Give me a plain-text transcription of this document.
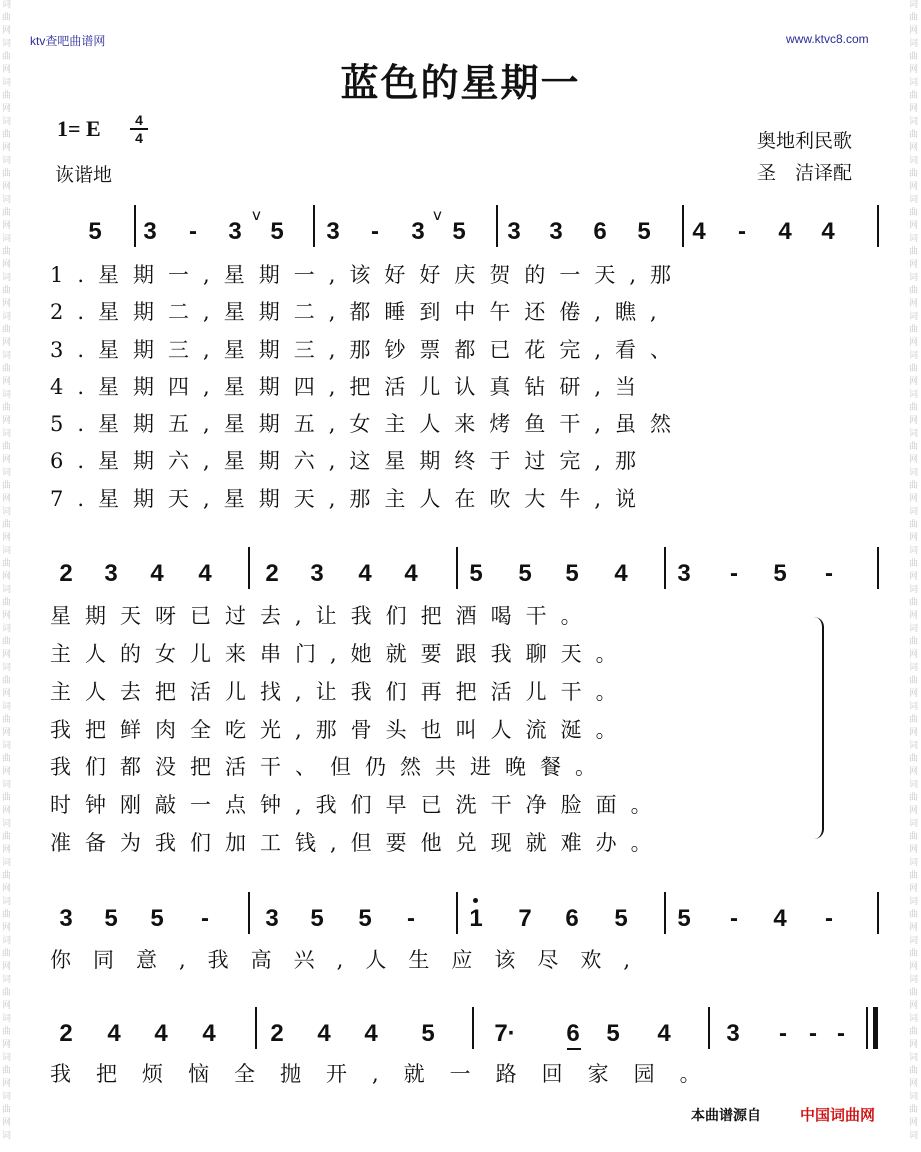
词
曲
网
词
曲
网
词
曲
网
词
曲
网
词
曲
网
词
曲
网
词
曲
网
词
曲
网
词
曲
网
词
曲
网
词
曲
网
词
曲
网
词
曲
网
词
曲
网
词
曲
网
词
曲
网
词
曲
网
词
曲
网
词
曲
网
词
曲
网
词
曲
网
词
曲
网
词
曲
网
词
曲
网
词
曲
网
词
曲
网
词
曲
网
词
曲
网
词
曲
网
词
词
曲
网
词
曲
网
词
曲
网
词
曲
网
词
曲
网
词
曲
网
词
曲
网
词
曲
网
词
曲
网
词
曲
网
词
曲
网
词
曲
网
词
曲
网
词
曲
网
词
曲
网
词
曲
网
词
曲
网
词
曲
网
词
曲
网
词
曲
网
词
曲
网
词
曲
网
词
曲
网
词
曲
网
词
曲
网
词
曲
网
词
曲
网
词
曲
网
词
曲
网
词
ktv查吧曲谱网	www.ktvc8.com
蓝色的星期一
1= E	4
4
诙谐地
奥地利民歌
圣　洁译配
5	3	-	3
v
5	3	-	3
v
5	3	3	6	5	4	-	4	4
1.星期一,星期一,该好好庆贺的一天,那
2.星期二,星期二,都睡到中午还倦,瞧,
3.星期三,星期三,那钞票都已花完,看、
4.星期四,星期四,把活儿认真钻研,当
5.星期五,星期五,女主人来烤鱼干,虽然
6.星期六,星期六,这星期终于过完,那
7.星期天,星期天,那主人在吹大牛,说
2	3	4	4	2	3	4	4	5	5	5	4	3	-	5	-
星期天呀已过去,让我们把酒喝干。
主人的女儿来串门,她就要跟我聊天。
主人去把活儿找,让我们再把活儿干。
我把鲜肉全吃光,那骨头也叫人流涎。
我们都没把活干、但仍然共进晚餐。
时钟刚敲一点钟,我们早已洗干净脸面。
准备为我们加工钱,但要他兑现就难办。
3	5	5	-	3	5	5	-	1	7	6	5	5	-	4	-
你同意,我高兴,人生应该尽欢,
2	4	4	4	2	4	4	5	7·	6	5	4	3	- - -
我把烦恼全抛开,就一路回家园。
本曲谱源自	中国词曲网
